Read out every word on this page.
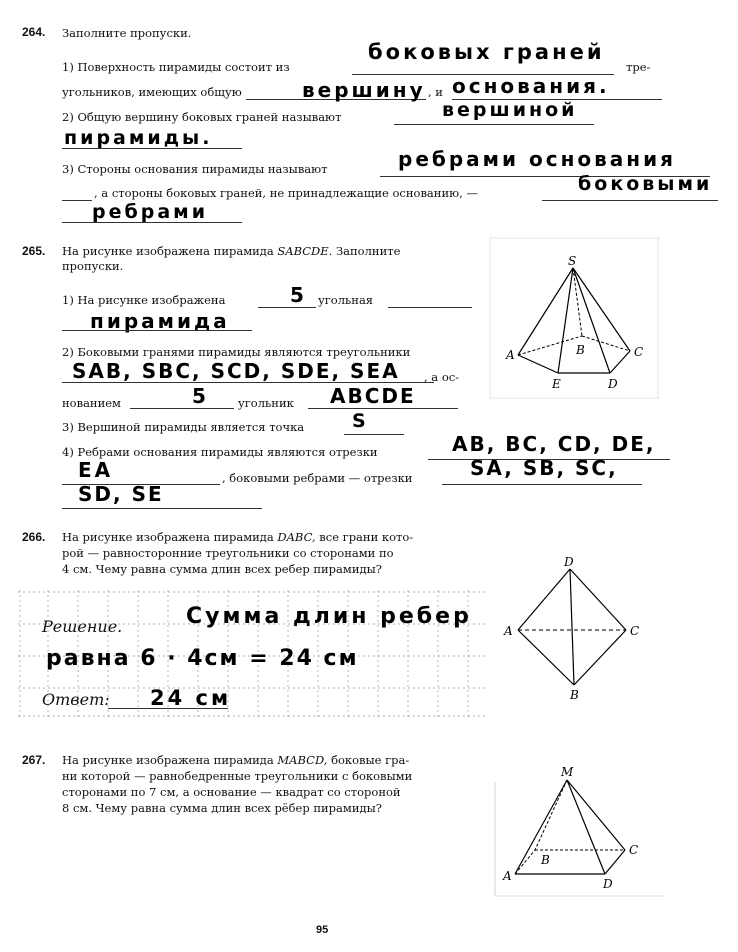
264. Заполните пропуски.
1) Поверхность пирамиды состоит из
боковых граней
тре-
угольников, имеющих общую	вершину , и основания.
2) Общую вершину боковых граней называют	вершиной
пирамиды.
3) Стороны основания пирамиды называют	ребрами основания
, а стороны боковых граней, не принадлежащие основанию, —	боковыми
ребрами
265. На рисунке изображена пирамида SABCDE. Заполните
пропуски.
1) На рисунке изображена	5 угольная
пирамида
2) Боковыми гранями пирамиды являются треугольники
SAB, SBC, SCD, SDE, SEA , а ос-
нованием	5	угольник ABCDE
3) Вершиной пирамиды является точка	S
4) Ребрами основания пирамиды являются отрезки	AB, BC, CD, DE,
EA	, боковыми ребрами — отрезки	SA, SB, SC,
SD, SE
S
A	B	C
D
E
266. На рисунке изображена пирамида DABC, все грани кото-
рой — равносторонние треугольники со сторонами по
4 см. Чему равна сумма длин всех ребер пирамиды?
Решение.	Сумма длин ребер
равна 6 · 4см = 24 см
Ответ: 24 см
D
A	C
B
267. На рисунке изображена пирамида MABCD, боковые гра-
ни которой — равнобедренные треугольники с боковыми
сторонами по 7 см, а основание — квадрат со стороной
8 см. Чему равна сумма длин всех рёбер пирамиды?
M
A
B
C
D
95
